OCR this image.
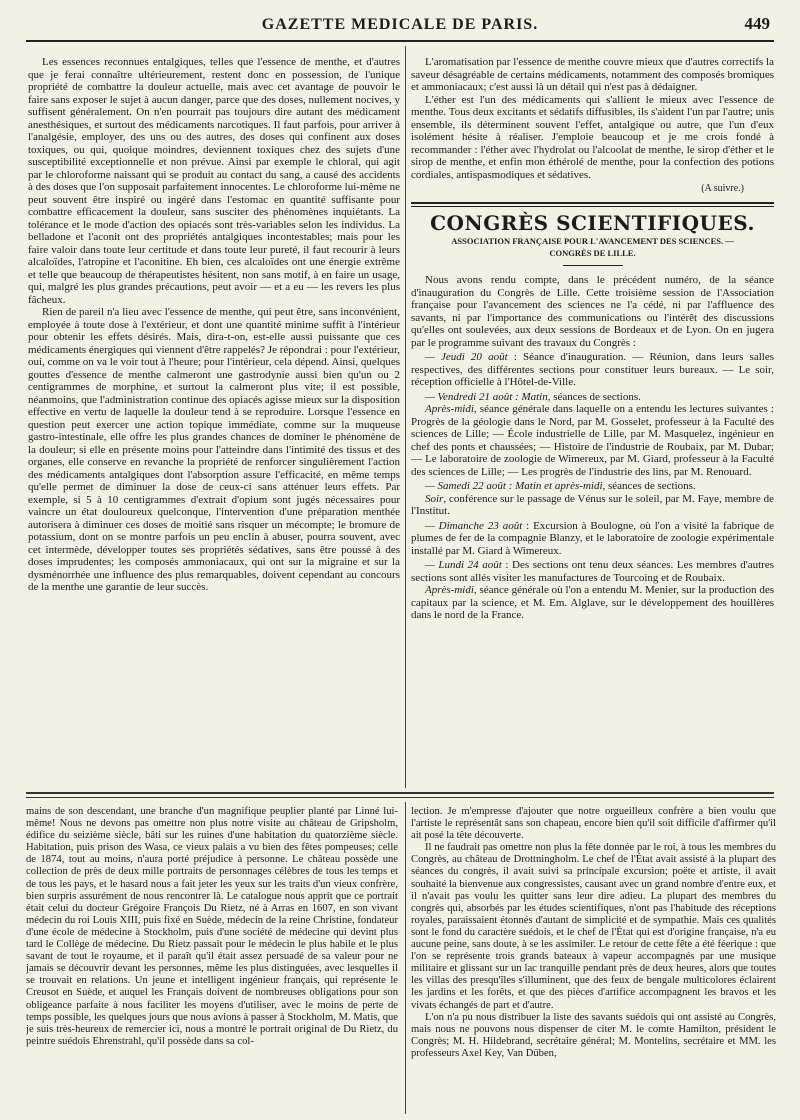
GAZETTE MEDICALE DE PARIS.	449

Les essences reconnues entalgiques, telles que l'essence de menthe, et d'autres que je ferai connaître ultérieurement, restent donc en possession, de l'unique propriété de combattre la douleur actuelle, mais avec cet avantage de pouvoir le faire sans exposer le sujet à aucun danger, parce que des doses, nullement nocives, y suffisent généralement. On n'en pourrait pas toujours dire autant des médicament anesthésiques, et surtout des médicaments narcotiques. Il faut parfois, pour arriver à l'analgésie, employer, des uns ou des autres, des doses qui confinent aux doses toxiques, ou qui, quoique moindres, deviennent toxiques chez des sujets d'une susceptibilité exceptionnelle et non prévue. Ainsi par exemple le chloral, qui agit par le chloroforme naissant qui se produit au contact du sang, a causé des accidents à des doses que l'on supposait parfaitement innocentes. Le chloroforme lui-même ne peut souvent être inspiré ou ingéré dans l'estomac en quantité suffisante pour combattre efficacement la douleur, sans susciter des phénomènes inquiétants. La tolérance et le mode d'action des opiacés sont très-variables selon les individus. La belladone et l'aconit ont des propriétés antalgiques incontestables; mais pour les faire valoir dans toute leur certitude et dans toute leur pureté, il faut recourir à leurs alcaloïdes, l'atropine et l'aconitine. Eh bien, ces alcaloïdes ont une énergie extrême et telle que beaucoup de thérapeutistes hésitent, non sans motif, à en faire un usage, qui, malgré les plus grandes précautions, peut avoir — et a eu — les revers les plus fâcheux.

Rien de pareil n'a lieu avec l'essence de menthe, qui peut être, sans inconvénient, employée à toute dose à l'extérieur, et dont une quantité minime suffit à l'intérieur pour obtenir les effets désirés. Mais, dira-t-on, est-elle aussi puissante que ces médicaments énergiques qui viennent d'être rappelés? Je répondrai : pour l'extérieur, oui, comme on va le voir tout à l'heure; pour l'intérieur, cela dépend. Ainsi, quelques gouttes d'essence de menthe calmeront une gastrodynie aussi bien qu'un ou 2 centigrammes de morphine, et surtout la calmeront plus vite; il est possible, néanmoins, que l'administration continue des opiacés agisse mieux sur la disposition effective en vertu de laquelle la douleur tend à se reproduire. Lorsque l'essence en question peut exercer une action topique immédiate, comme sur la muqueuse gastro-intestinale, elle offre les plus grandes chances de dominer le phénomène de la douleur; si elle en présente moins pour l'atteindre dans l'intimité des tissus et des organes, elle conserve en revanche la propriété de renforcer singulièrement l'action des médicaments antalgiques dont l'absorption assure l'efficacité, en même temps qu'elle permet de diminuer la dose de ceux-ci sans atténuer leurs effets. Par exemple, si 5 à 10 centigrammes d'extrait d'opium sont jugés nécessaires pour vaincre un état douloureux quelconque, l'intervention d'une préparation menthée autorisera à diminuer ces doses de moitié sans risquer un mécompte; le bromure de potassium, dont on se montre parfois un peu enclin à abuser, pourra souvent, avec cet intermède, développer toutes ses propriétés sédatives, sans être poussé à des doses imprudentes; les composés ammoniacaux, qui ont sur la migraine et sur la dysménorrhée une influence des plus remarquables, doivent cependant au concours de la menthe une garantie de leur succès.

L'aromatisation par l'essence de menthe couvre mieux que d'autres correctifs la saveur désagréable de certains médicaments, notamment des composés bromiques et ammoniacaux; c'est aussi là un détail qui n'est pas à dédaigner.

L'éther est l'un des médicaments qui s'allient le mieux avec l'essence de menthe. Tous deux excitants et sédatifs diffusibles, ils s'aident l'un par l'autre; unis ensemble, ils déterminent souvent l'effet, antalgique ou autre, que l'un d'eux isolément hésite à réaliser. J'emploie beaucoup et je me crois fondé à recommander : l'éther avec l'hydrolat ou l'alcoolat de menthe, le sirop d'éther et le sirop de menthe, et enfin mon éthérolé de menthe, pour la confection des potions cordiales, antispasmodiques et sédatives.

(A suivre.)
CONGRÈS SCIENTIFIQUES.
ASSOCIATION FRANÇAISE POUR L'AVANCEMENT DES SCIENCES. —
CONGRÈS DE LILLE.

Nous avons rendu compte, dans le précédent numéro, de la séance d'inauguration du Congrès de Lille. Cette troisième session de l'Association française pour l'avancement des sciences ne l'a cédé, ni par l'affluence des savants, ni par l'importance des communications ou l'intérêt des discussions qu'elles ont soulevées, aux deux sessions de Bordeaux et de Lyon. On en jugera par le programme suivant des travaux du Congrès :

— Jeudi 20 août : Séance d'inauguration. — Réunion, dans leurs salles respectives, des différentes sections pour constituer leurs bureaux. — Le soir, réception officielle à l'Hôtel-de-Ville.

— Vendredi 21 août : Matin, séances de sections.

Après-midi, séance générale dans laquelle on a entendu les lectures suivantes : Progrès de la géologie dans le Nord, par M. Gosselet, professeur à la Faculté des sciences de Lille; — École industrielle de Lille, par M. Masquelez, ingénieur en chef des ponts et chaussées; — Histoire de l'industrie de Roubaix, par M. Dubar; — Le laboratoire de zoologie de Wimereux, par M. Giard, professeur à la Faculté des sciences de Lille; — Les progrès de l'industrie des lins, par M. Renouard.

— Samedi 22 août : Matin et après-midi, séances de sections.

Soir, conférence sur le passage de Vénus sur le soleil, par M. Faye, membre de l'Institut.

— Dimanche 23 août : Excursion à Boulogne, où l'on a visité la fabrique de plumes de fer de la compagnie Blanzy, et le laboratoire de zoologie expérimentale installé par M. Giard à Wimereux.

— Lundi 24 août : Des sections ont tenu deux séances. Les membres d'autres sections sont allés visiter les manufactures de Tourcoing et de Roubaix.

Après-midi, séance générale où l'on a entendu M. Menier, sur la production des capitaux par la science, et M. Em. Alglave, sur le développement des houillères dans le nord de la France.

mains de son descendant, une branche d'un magnifique peuplier planté par Linné lui-même! Nous ne devons pas omettre non plus notre visite au château de Gripsholm, édifice du seizième siècle, bâti sur les ruines d'une habitation du quatorzième siècle. Habitation, puis prison des Wasa, ce vieux palais a vu bien des fêtes pompeuses; celle de 1874, tout au moins, n'aura porté préjudice à personne. Le château possède une collection de près de deux mille portraits de personnages célèbres de tous les temps et de tous les pays, et le hasard nous a fait jeter les yeux sur les traits d'un vieux confrère, bien surpris assurément de nous rencontrer là. Le catalogue nous apprit que ce portrait était celui du docteur Grégoire François Du Rietz, né à Arras en 1607, en son vivant médecin du roi Louis XIII, puis fixé en Suède, médecin de la reine Christine, fondateur d'une école de médecine à Stockholm, puis d'une société de médecine qui devint plus tard le Collège de médecine. Du Rietz passait pour le médecin le plus habile et le plus savant de tout le royaume, et il paraît qu'il était assez persuadé de sa valeur pour ne jamais se découvrir devant les personnes, même les plus distinguées, avec lesquelles il se trouvait en relations. Un jeune et intelligent ingénieur français, qui représente le Creusot en Suède, et auquel les Français doivent de nombreuses obligations pour son obligeance parfaite à nous faciliter les moyens d'utiliser, avec le moins de perte de temps possible, les quelques jours que nous avions à passer à Stockholm, M. Matis, que je suis très-heureux de remercier ici, nous a montré le portrait original de Du Rietz, du peintre suédois Ehrenstrahl, qu'il possède dans sa col-

lection. Je m'empresse d'ajouter que notre orgueilleux confrère a bien voulu que l'artiste le représentât sans son chapeau, encore bien qu'il soit difficile d'affirmer qu'il ait posé la tête découverte.

Il ne faudrait pas omettre non plus la fête donnée par le roi, à tous les membres du Congrès, au château de Drottningholm. Le chef de l'État avait assisté à la plupart des séances du congrès, il avait suivi sa principale excursion; poëte et artiste, il avait souhaité la bienvenue aux congressistes, causant avec un grand nombre d'entre eux, et il n'avait pas voulu les quitter sans leur dire adieu. La plupart des membres du congrès qui, absorbés par les études scientifiques, n'ont pas l'habitude des réceptions royales, paraissaient étonnés d'autant de simplicité et de sympathie. Mais ces qualités sont le fond du caractère suédois, et le chef de l'État qui est d'origine française, n'a eu aucune peine, sans doute, à se les assimiler. Le retour de cette fête a été féerique : que l'on se représente trois grands bateaux à vapeur accompagnés par une musique militaire et glissant sur un lac tranquille pendant près de deux heures, alors que toutes les villas des presqu'îles s'illuminent, que des feux de bengale multicolores éclairent les jardins et les forêts, et que des pièces d'artifice accompagnent les bravos et les vivats échangés de part et d'autre.

L'on n'a pu nous distribuer la liste des savants suédois qui ont assisté au Congrès, mais nous ne pouvons nous dispenser de citer M. le comte Hamilton, président le Congrès; M. H. Hildebrand, secrétaire général; M. Montelins, secrétaire et MM. les professeurs Axel Key, Van Düben,
